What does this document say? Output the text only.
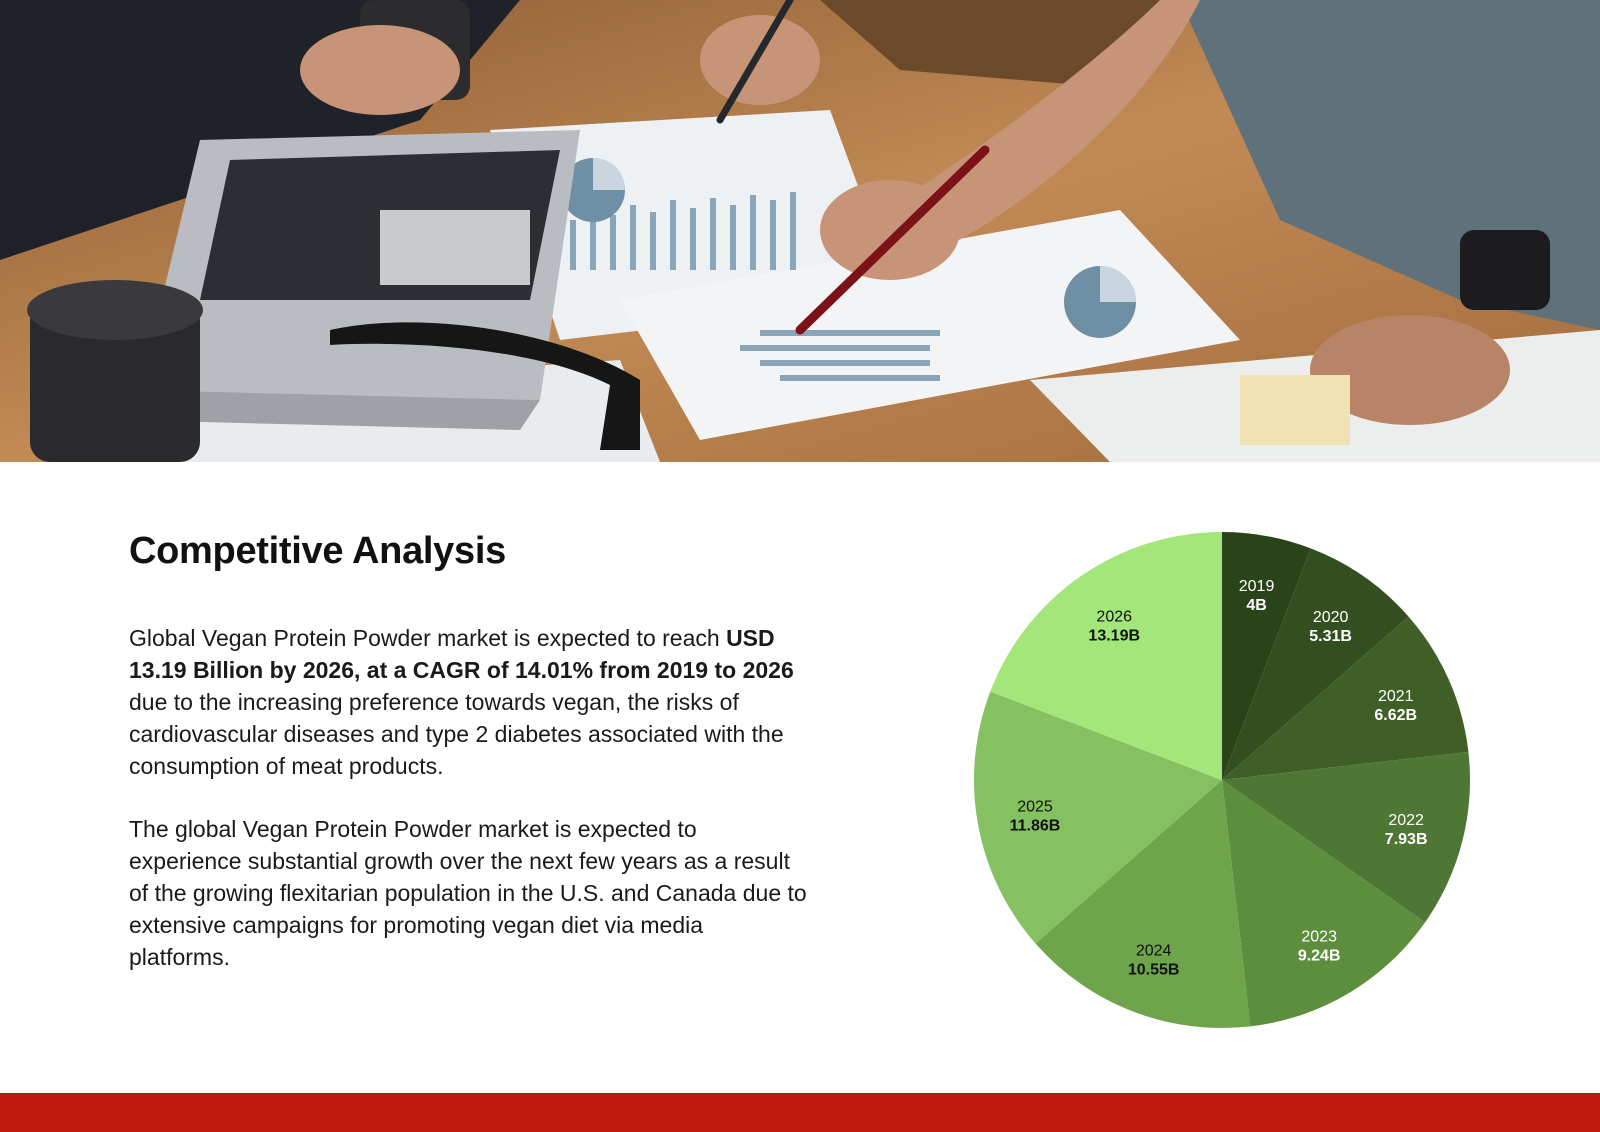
Competitive Analysis
Global Vegan Protein Powder market is expected to reach USD 13.19 Billion by 2026, at a CAGR of 14.01% from 2019 to 2026 due to the increasing preference towards vegan, the risks of cardiovascular diseases and type 2 diabetes associated with the consumption of meat products.
The global Vegan Protein Powder market is expected to experience substantial growth over the next few years as a result of the growing flexitarian population in the U.S. and Canada due to extensive campaigns for promoting vegan diet via media platforms.
2019
4B
2020
5.31B
2021
6.62B
2022
7.93B
2023
9.24B
2024
10.55B
2025
11.86B
2026
13.19B
